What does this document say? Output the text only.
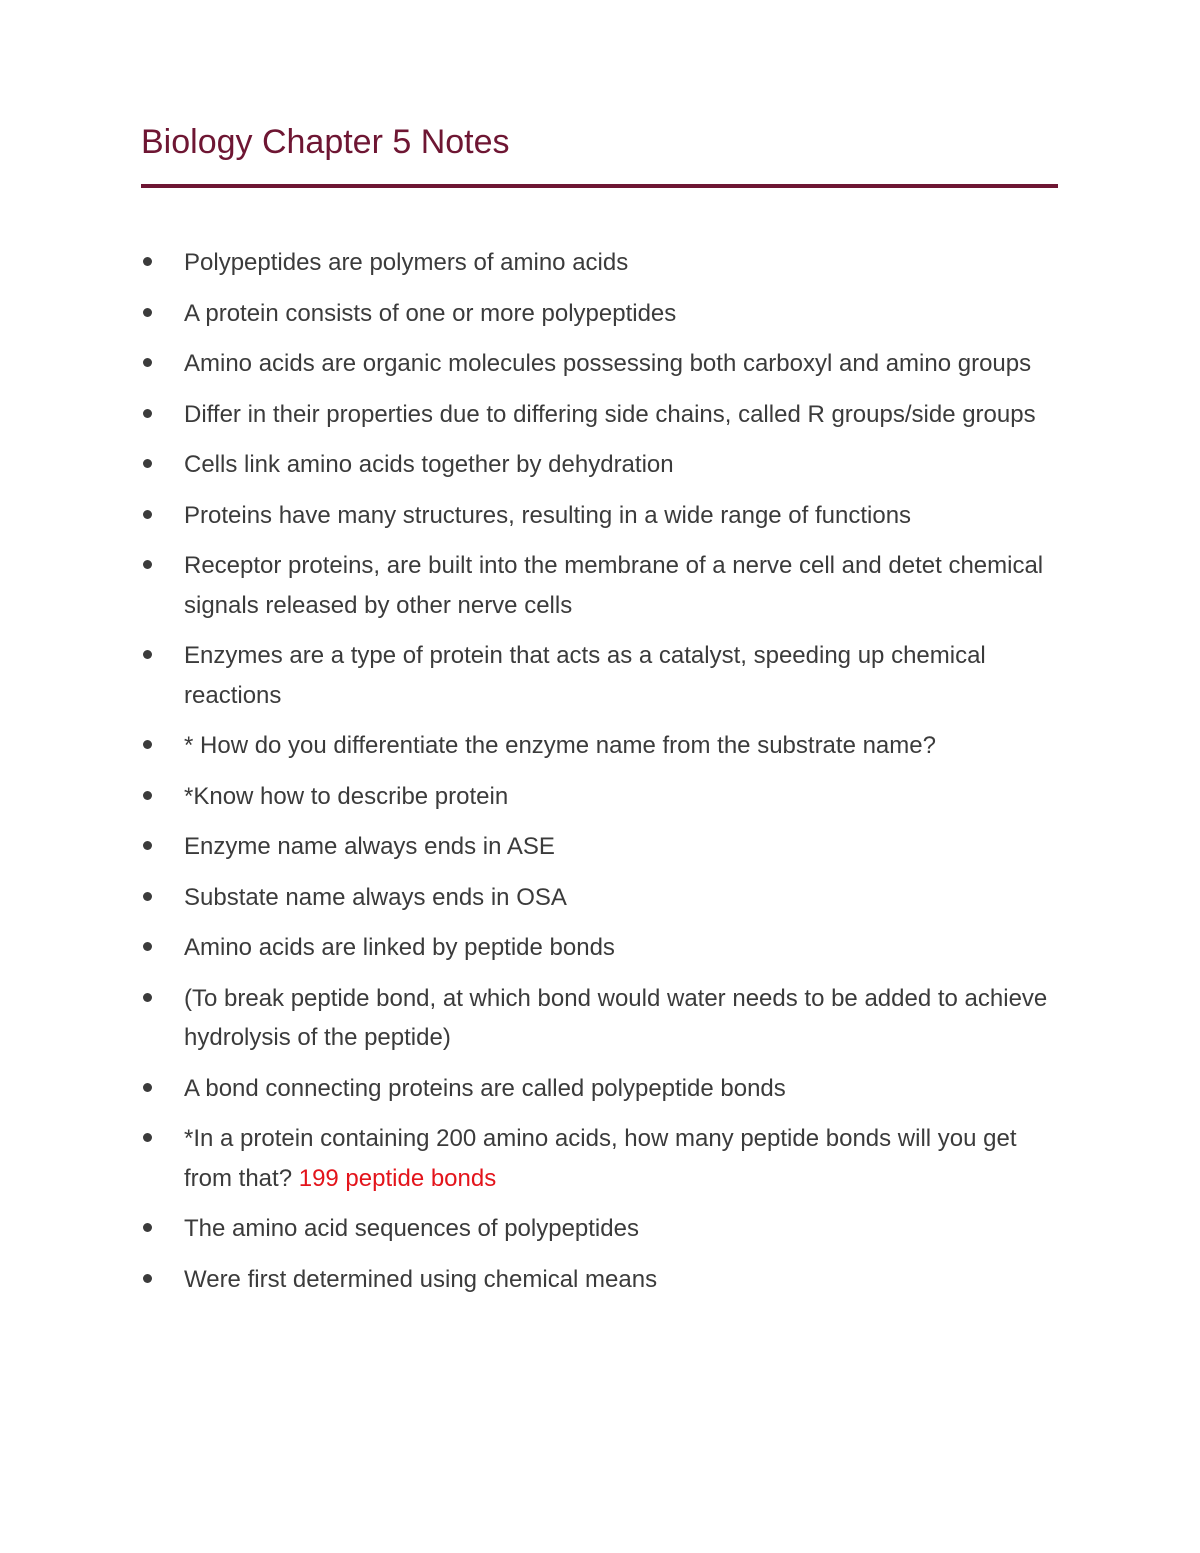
Biology Chapter 5 Notes
Polypeptides are polymers of amino acids
A protein consists of one or more polypeptides
Amino acids are organic molecules possessing both carboxyl and amino groups
Differ in their properties due to differing side chains, called R groups/side groups
Cells link amino acids together by dehydration
Proteins have many structures, resulting in a wide range of functions
Receptor proteins, are built into the membrane of a nerve cell and detet chemical signals released by other nerve cells
Enzymes are a type of protein that acts as a catalyst, speeding up chemical reactions
* How do you differentiate the enzyme name from the substrate name?
*Know how to describe protein
Enzyme name always ends in ASE
Substate name always ends in OSA
Amino acids are linked by peptide bonds
(To break peptide bond, at which bond would water needs to be added to achieve hydrolysis of the peptide)
A bond connecting proteins are called polypeptide bonds
*In a protein containing 200 amino acids, how many peptide bonds will you get from that? 199 peptide bonds
The amino acid sequences of polypeptides
Were first determined using chemical means
